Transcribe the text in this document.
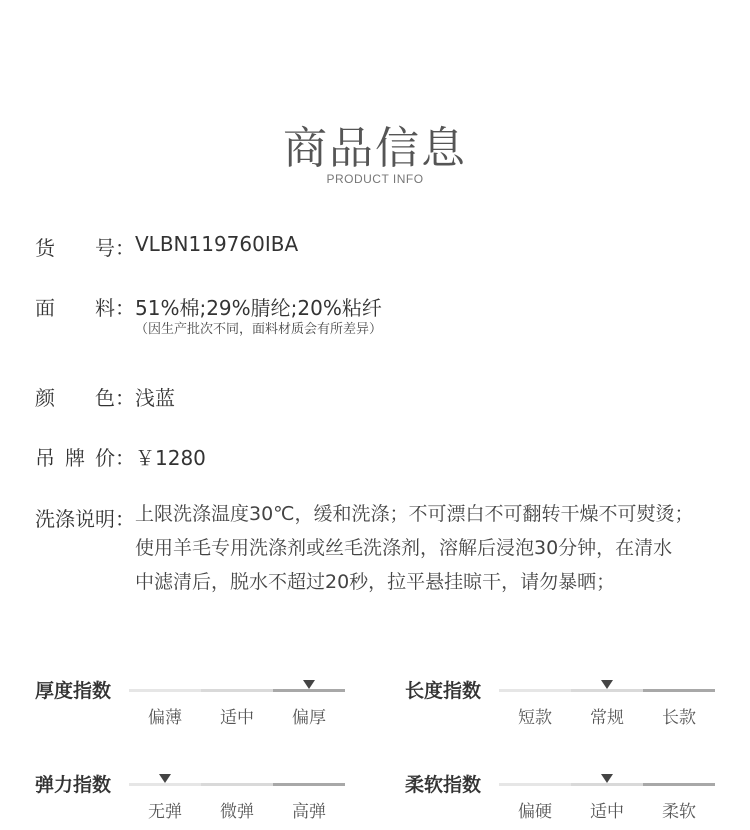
商品信息
PRODUCT INFO
货 号： VLBN119760IBA
面 料： 51%棉;29%腈纶;20%粘纤
（因生产批次不同，面料材质会有所差异）
颜 色： 浅蓝
吊 牌 价： ￥1280
洗涤说明： 上限洗涤温度30℃，缓和洗涤；不可漂白不可翻转干燥不可熨烫；
使用羊毛专用洗涤剂或丝毛洗涤剂，溶解后浸泡30分钟，在清水
中滤清后，脱水不超过20秒，拉平悬挂晾干，请勿暴晒；
厚度指数
偏薄	适中	偏厚
长度指数
短款	常规	长款
弹力指数
无弹	微弹	高弹
柔软指数
偏硬	适中	柔软
